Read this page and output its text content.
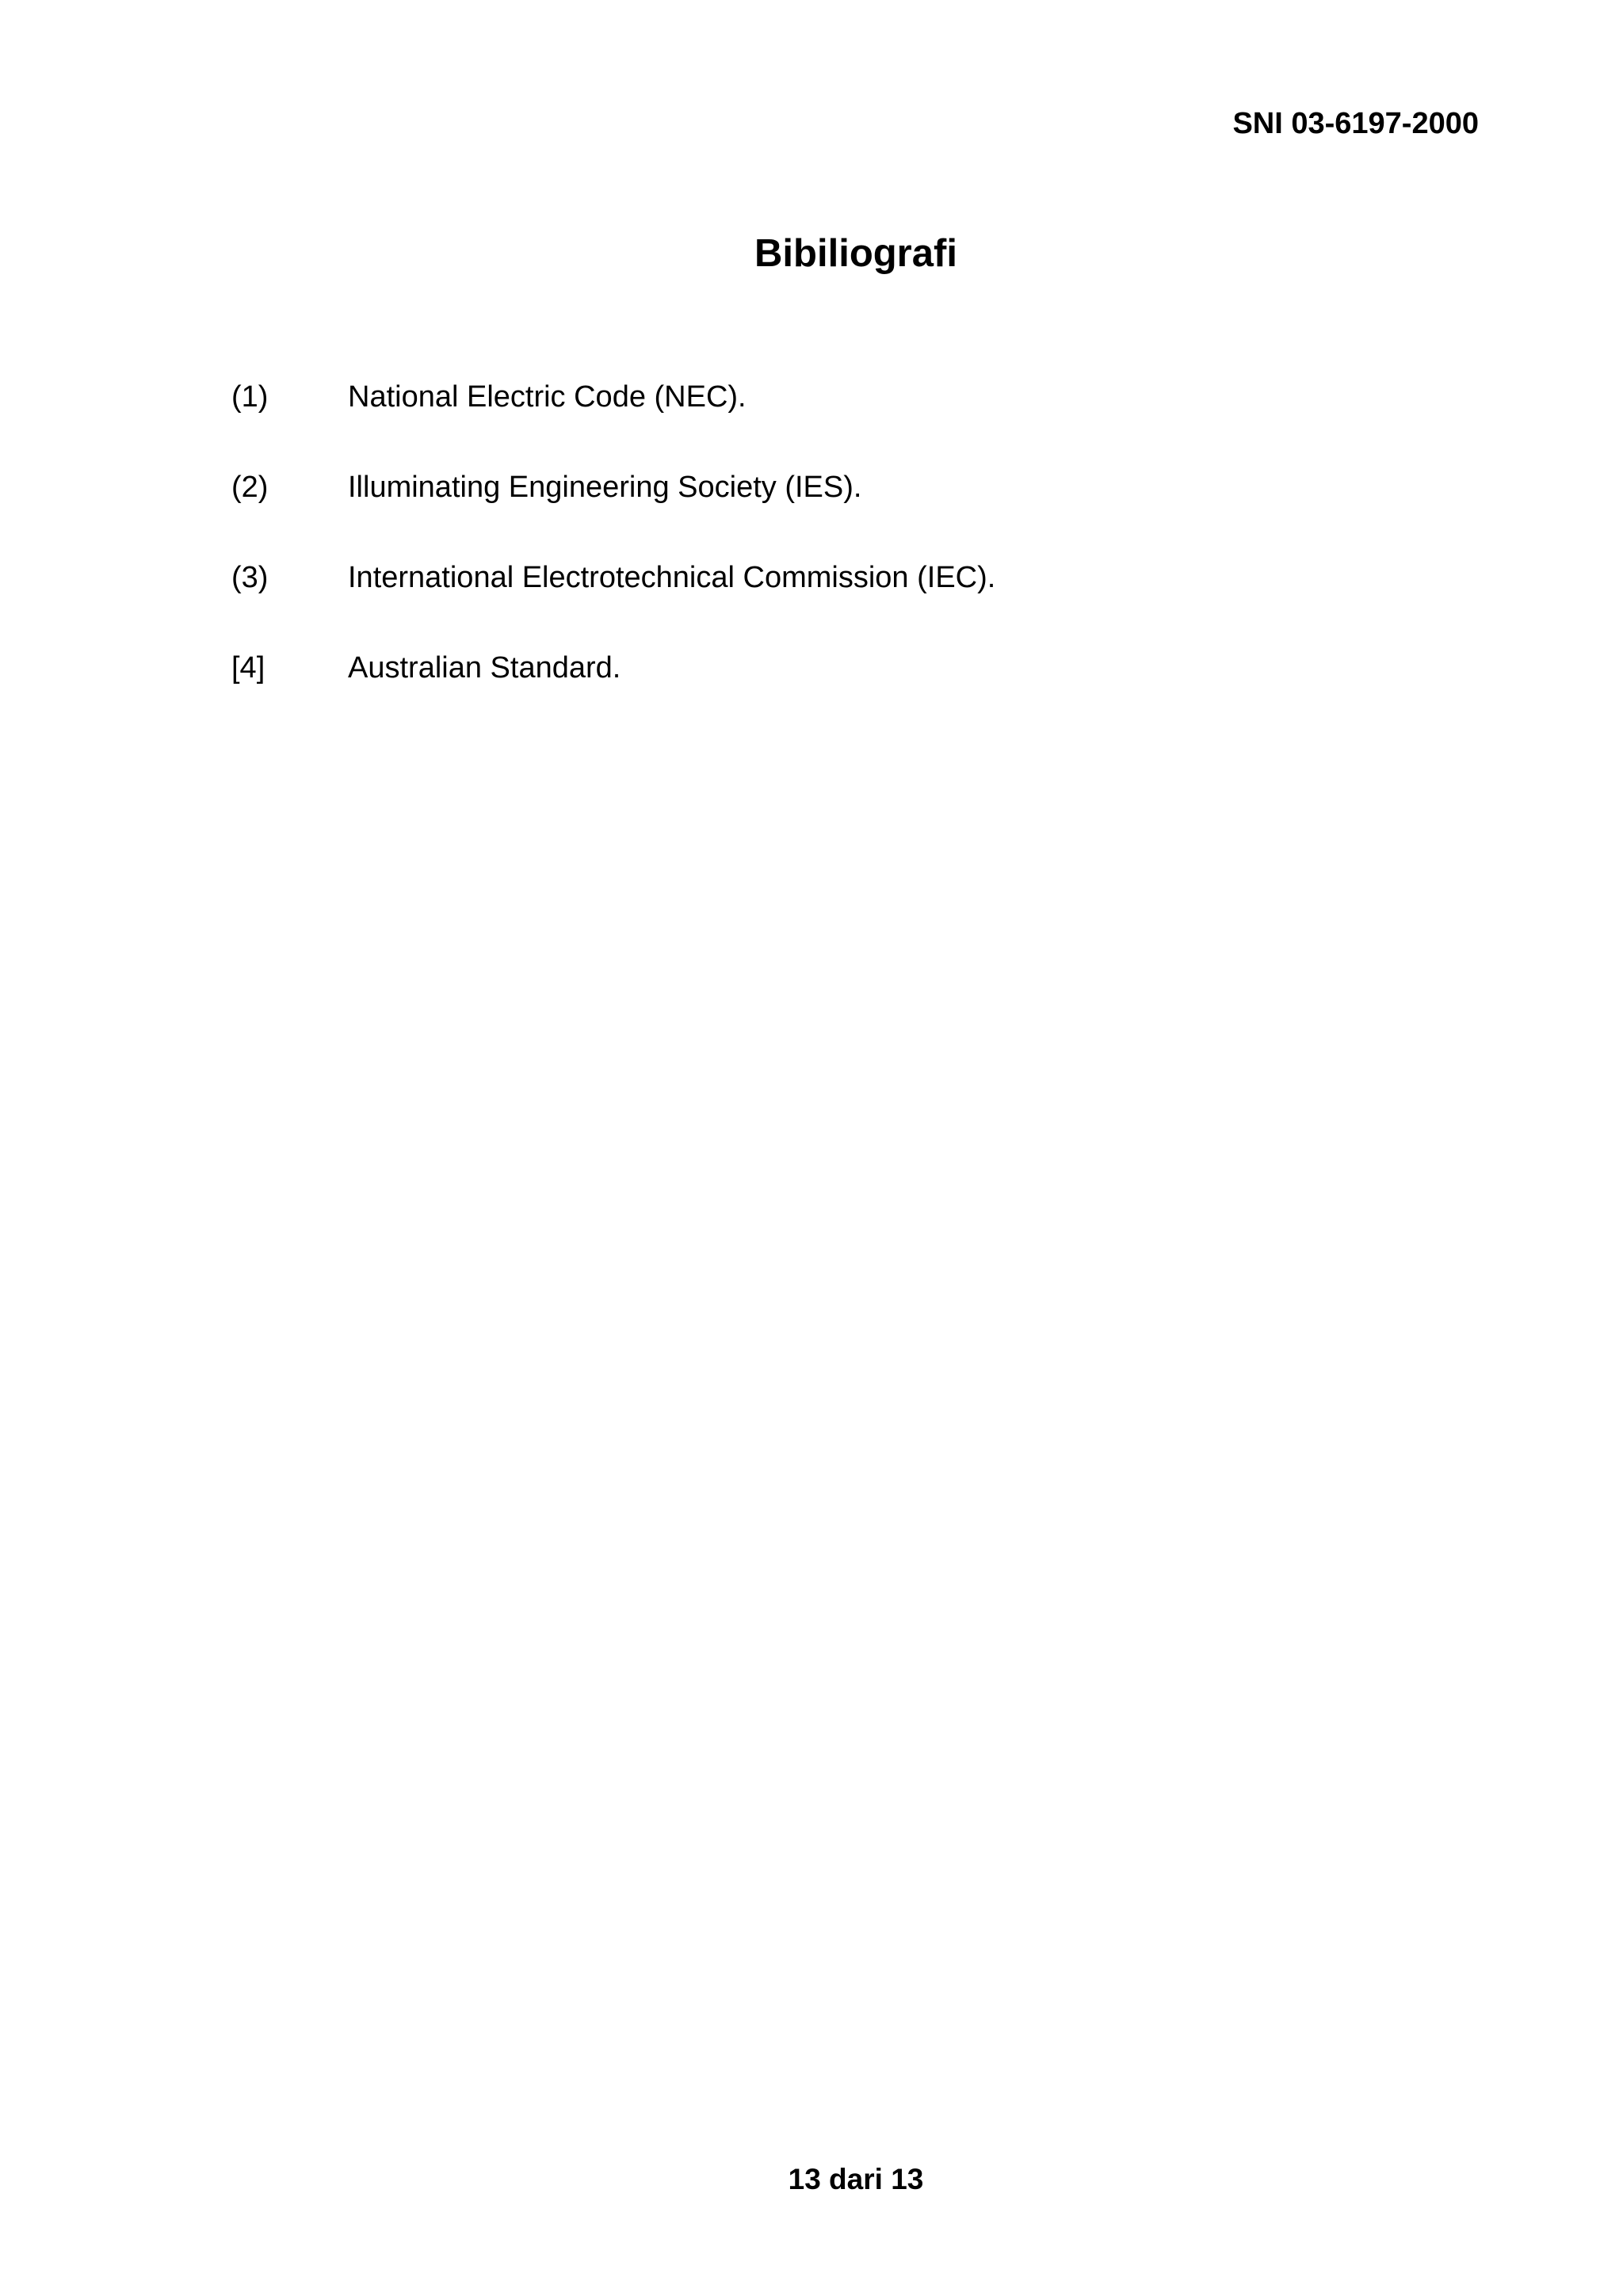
SNI 03-6197-2000
Bibiliografi
(1)	National Electric Code (NEC).
(2)	Illuminating Engineering Society (IES).
(3)	International Electrotechnical Commission (IEC).
[4]	Australian Standard.
13 dari 13
